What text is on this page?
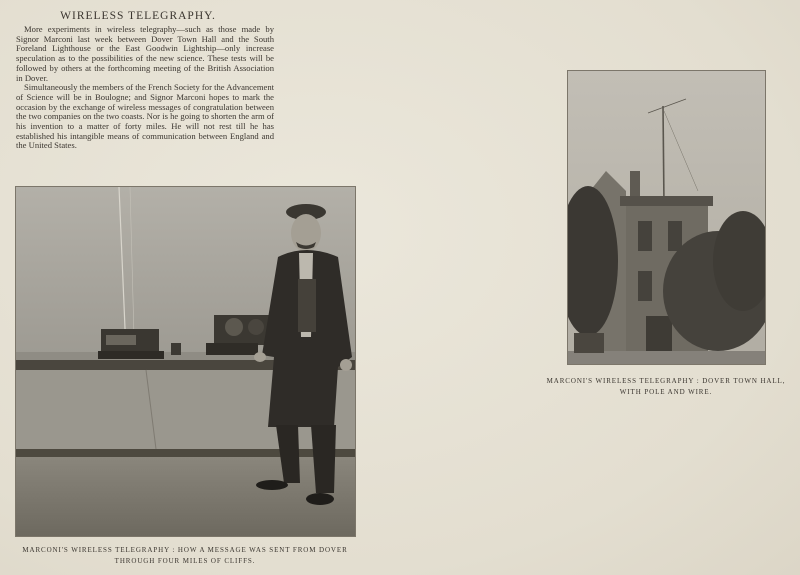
WIRELESS TELEGRAPHY.

More experiments in wireless telegraphy—such as those made by Signor Marconi last week between Dover Town Hall and the South Foreland Lighthouse or the East Goodwin Lightship—only increase speculation as to the possibilities of the new science. These tests will be followed by others at the forthcoming meeting of the British Association in Dover.

Simultaneously the members of the French Society for the Advancement of Science will be in Boulogne; and Signor Marconi hopes to mark the occasion by the exchange of wireless messages of congratulation between the two companies on the two coasts. Nor is he going to shorten the arm of his invention to a matter of forty miles. He will not rest till he has established his intangible means of communication between England and the United States.

MARCONI'S WIRELESS TELEGRAPHY : HOW A MESSAGE WAS SENT FROM DOVER
THROUGH FOUR MILES OF CLIFFS.
MARCONI'S WIRELESS TELEGRAPHY : DOVER TOWN HALL,
WITH POLE AND WIRE.
